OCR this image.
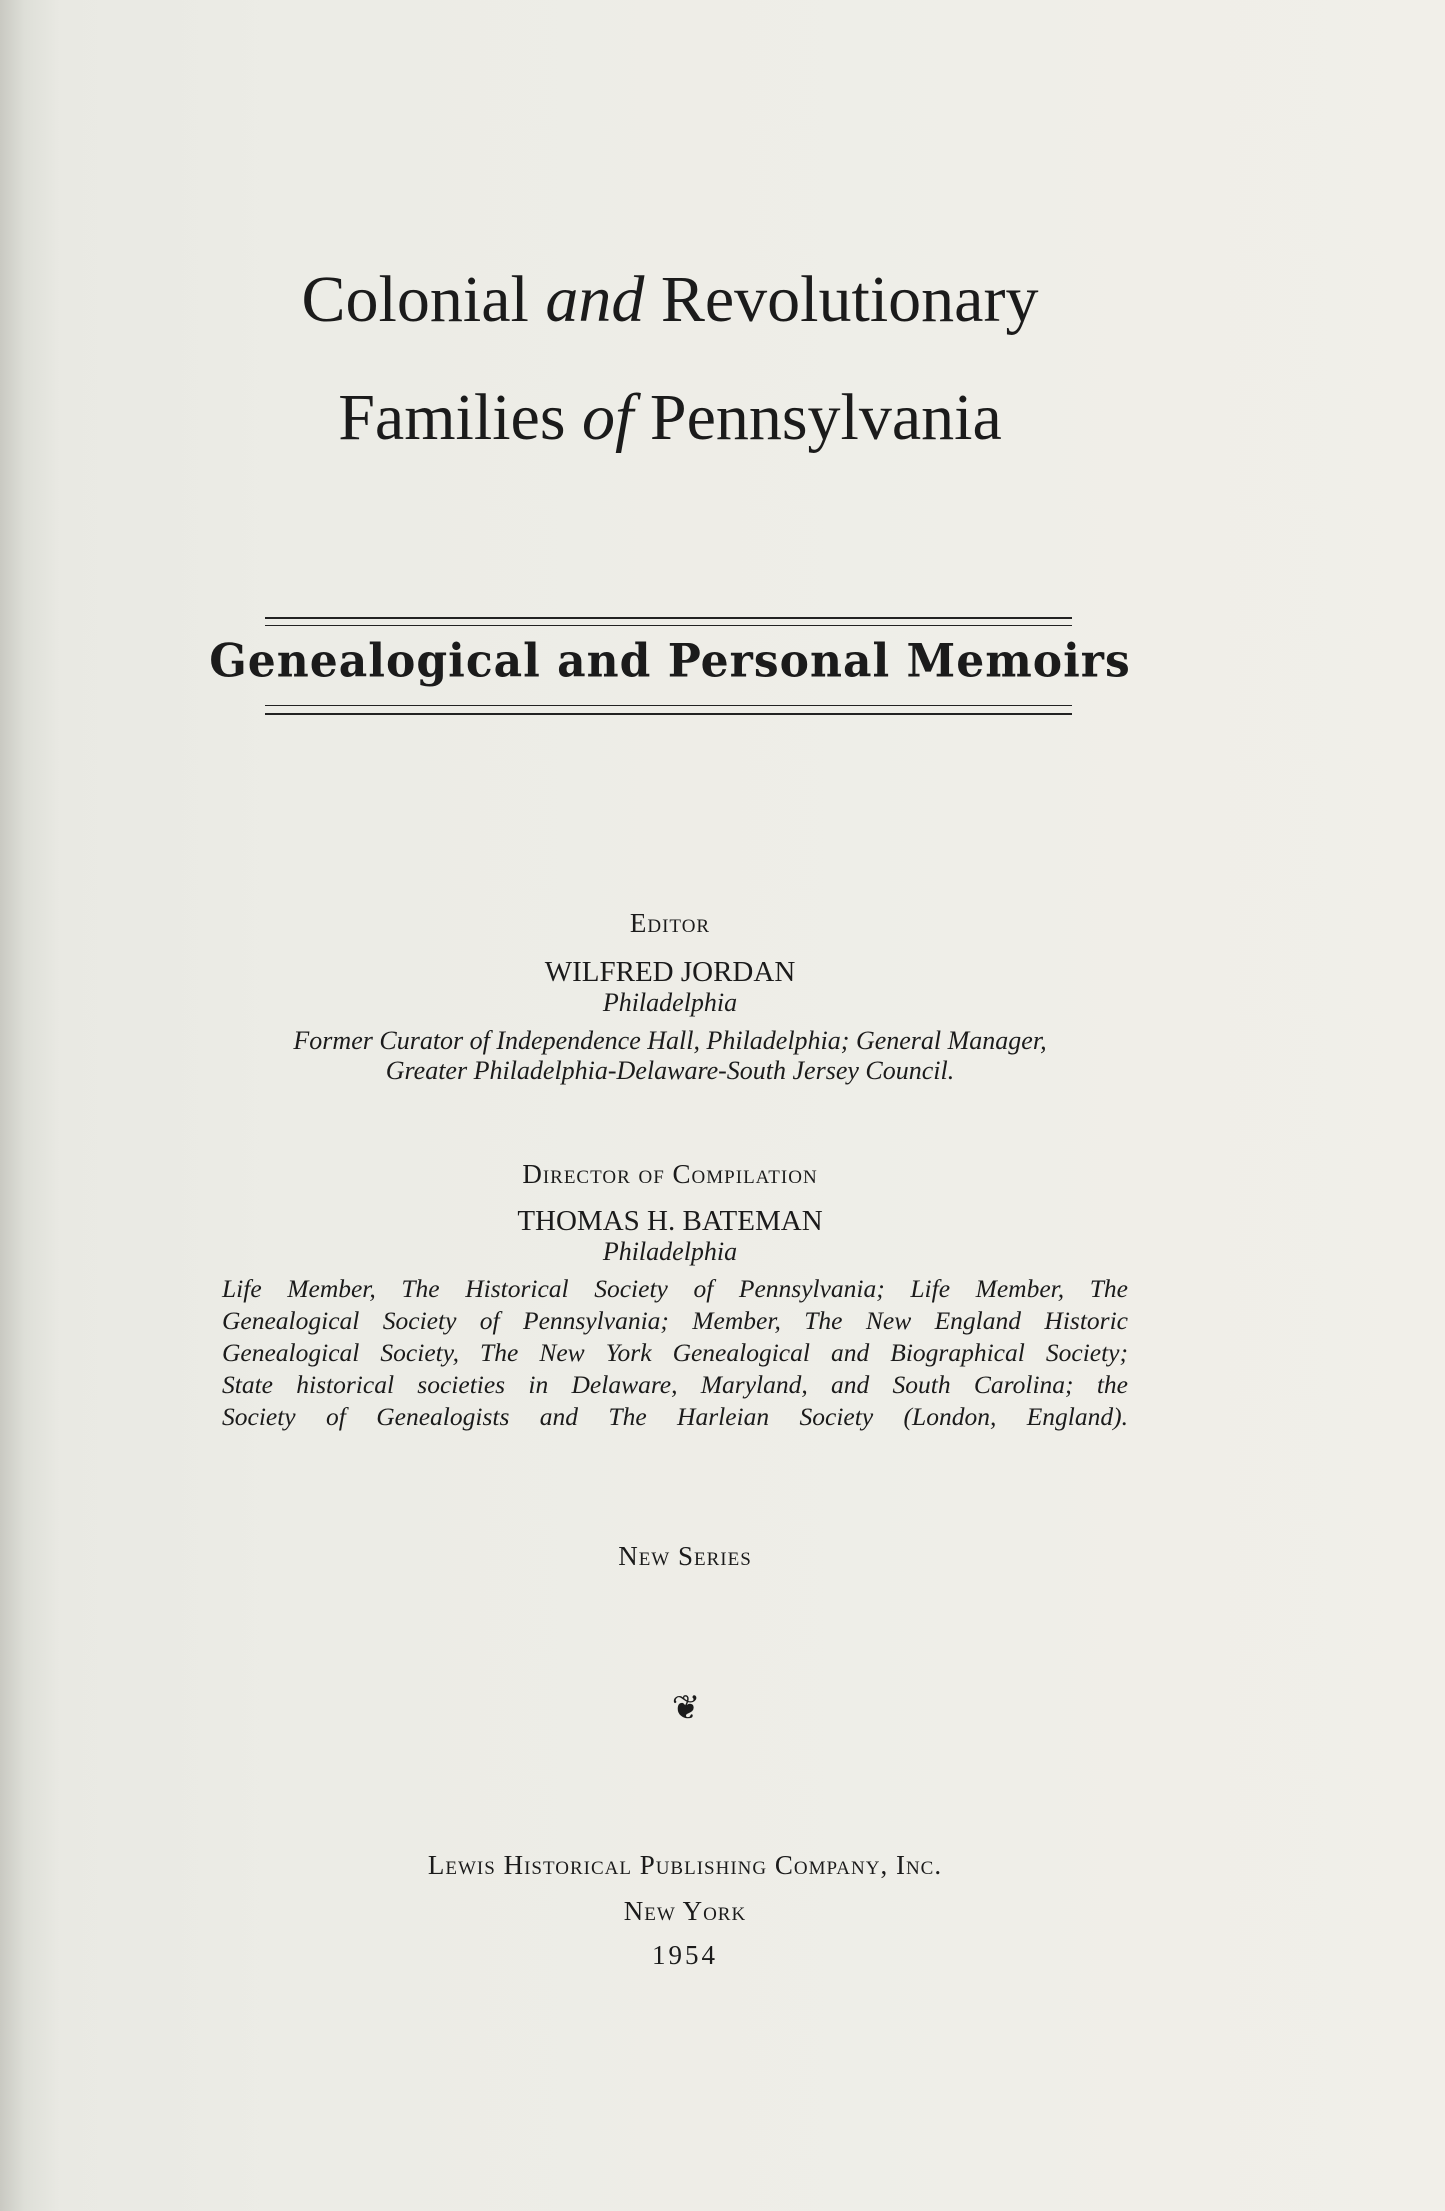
Colonial and Revolutionary
Families of Pennsylvania
Genealogical and Personal Memoirs
Editor
WILFRED JORDAN
Philadelphia
Former Curator of Independence Hall, Philadelphia; General Manager,
Greater Philadelphia-Delaware-South Jersey Council.
Director of Compilation
THOMAS H. BATEMAN
Philadelphia
Life Member, The Historical Society of Pennsylvania; Life Member, The
Genealogical Society of Pennsylvania; Member, The New England Historic
Genealogical Society, The New York Genealogical and Biographical Society;
State historical societies in Delaware, Maryland, and South Carolina; the
Society of Genealogists and The Harleian Society (London, England).
New Series
❦
Lewis Historical Publishing Company, Inc.
New York
1954
